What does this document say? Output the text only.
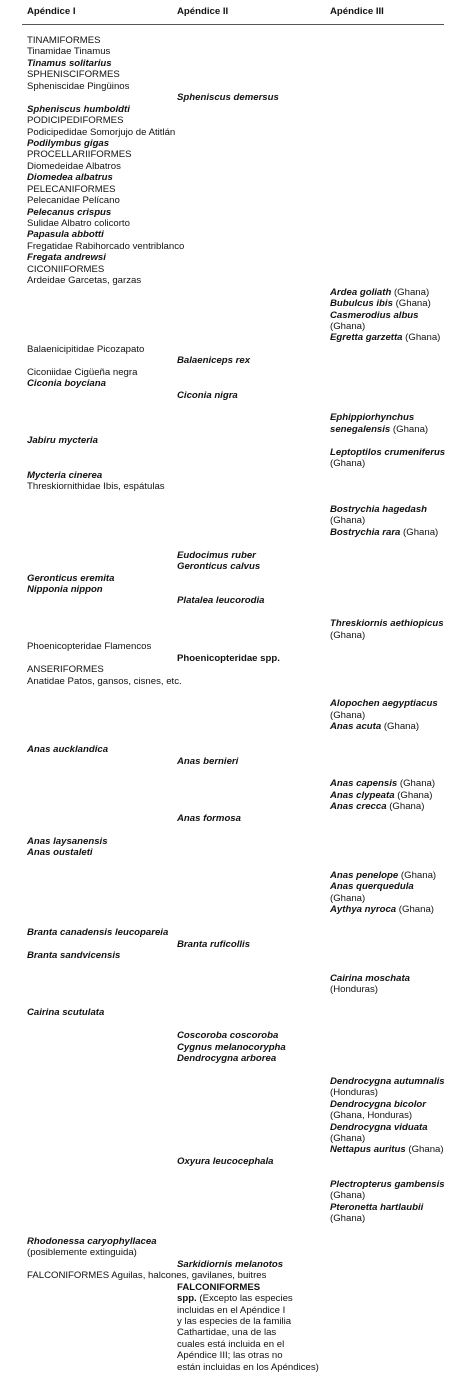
Apéndice I	Apéndice II	Apéndice III
TINAMIFORMES
Tinamidae Tinamus
Tinamus solitarius
SPHENISCIFORMES
Spheniscidae Pingüinos
Spheniscus demersus
Spheniscus humboldti
PODICIPEDIFORMES
Podicipedidae Somorjujo de Atitlán
Podilymbus gigas
PROCELLARIIFORMES
Diomedeidae Albatros
Diomedea albatrus
PELECANIFORMES
Pelecanidae Pelícano
Pelecanus crispus
Sulidae Albatro colicorto
Papasula abbotti
Fregatidae Rabihorcado ventriblanco
Fregata andrewsi
CICONIIFORMES
Ardeidae Garcetas, garzas
Ardea goliath (Ghana)
Bubulcus ibis (Ghana)
Casmerodius albus
(Ghana)
Egretta garzetta (Ghana)
Balaenicipitidae Picozapato
Balaeniceps rex
Ciconiidae Cigüeña negra
Ciconia boyciana
Ciconia nigra
Ephippiorhynchus
senegalensis (Ghana)
Jabiru mycteria
Leptoptilos crumeniferus
(Ghana)
Mycteria cinerea
Threskiornithidae Ibis, espátulas
Bostrychia hagedash
(Ghana)
Bostrychia rara (Ghana)
Eudocimus ruber
Geronticus calvus
Geronticus eremita
Nipponia nippon
Platalea leucorodia
Threskiornis aethiopicus
(Ghana)
Phoenicopteridae Flamencos
Phoenicopteridae spp.
ANSERIFORMES
Anatidae Patos, gansos, cisnes, etc.
Alopochen aegyptiacus
(Ghana)
Anas acuta (Ghana)
Anas aucklandica
Anas bernieri
Anas capensis (Ghana)
Anas clypeata (Ghana)
Anas crecca (Ghana)
Anas formosa
Anas laysanensis
Anas oustaleti
Anas penelope (Ghana)
Anas querquedula
(Ghana)
Aythya nyroca (Ghana)
Branta canadensis leucopareia
Branta ruficollis
Branta sandvicensis
Cairina moschata
(Honduras)
Cairina scutulata
Coscoroba coscoroba
Cygnus melanocorypha
Dendrocygna arborea
Dendrocygna autumnalis
(Honduras)
Dendrocygna bicolor
(Ghana, Honduras)
Dendrocygna viduata
(Ghana)
Nettapus auritus (Ghana)
Oxyura leucocephala
Plectropterus gambensis
(Ghana)
Pteronetta hartlaubii
(Ghana)
Rhodonessa caryophyllacea
(posiblemente extinguida)
Sarkidiornis melanotos
FALCONIFORMES Aguilas, halcones, gavilanes, buitres
FALCONIFORMES
spp. (Excepto las especies
incluidas en el Apéndice I
y las especies de la familia
Cathartidae, una de las
cuales está incluida en el
Apéndice III; las otras no
están incluidas en los Apéndices)
